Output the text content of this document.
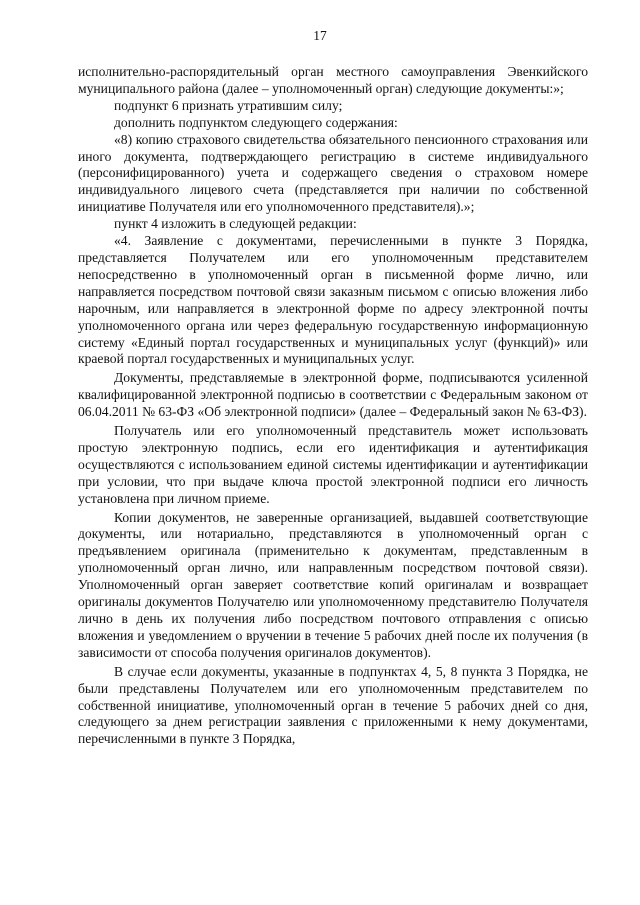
17

исполнительно-распорядительный орган местного самоуправления Эвенкийского муниципального района (далее – уполномоченный орган) следующие документы:»;

подпункт 6 признать утратившим силу;

дополнить подпунктом следующего содержания:

«8) копию страхового свидетельства обязательного пенсионного страхования или иного документа, подтверждающего регистрацию в системе индивидуального (персонифицированного) учета и содержащего сведения о страховом номере индивидуального лицевого счета (представляется при наличии по собственной инициативе Получателя или его уполномоченного представителя).»;

пункт 4 изложить в следующей редакции:

«4. Заявление с документами, перечисленными в пункте 3 Порядка, представляется Получателем или его уполномоченным представителем непосредственно в уполномоченный орган в письменной форме лично, или направляется посредством почтовой связи заказным письмом с описью вложения либо нарочным, или направляется в электронной форме по адресу электронной почты уполномоченного органа или через федеральную государственную информационную систему «Единый портал государственных и муниципальных услуг (функций)» или краевой портал государственных и муниципальных услуг.

Документы, представляемые в электронной форме, подписываются усиленной квалифицированной электронной подписью в соответствии с Федеральным законом от 06.04.2011 № 63-ФЗ «Об электронной подписи» (далее – Федеральный закон № 63-ФЗ).

Получатель или его уполномоченный представитель может использовать простую электронную подпись, если его идентификация и аутентификация осуществляются с использованием единой системы идентификации и аутентификации при условии, что при выдаче ключа простой электронной подписи его личность установлена при личном приеме.

Копии документов, не заверенные организацией, выдавшей соответствующие документы, или нотариально, представляются в уполномоченный орган с предъявлением оригинала (применительно к документам, представленным в уполномоченный орган лично, или направленным посредством почтовой связи). Уполномоченный орган заверяет соответствие копий оригиналам и возвращает оригиналы документов Получателю или уполномоченному представителю Получателя лично в день их получения либо посредством почтового отправления с описью вложения и уведомлением о вручении в течение 5 рабочих дней после их получения (в зависимости от способа получения оригиналов документов).

В случае если документы, указанные в подпунктах 4, 5, 8 пункта 3 Порядка, не были представлены Получателем или его уполномоченным представителем по собственной инициативе, уполномоченный орган в течение 5 рабочих дней со дня, следующего за днем регистрации заявления с приложенными к нему документами, перечисленными в пункте 3 Порядка,
